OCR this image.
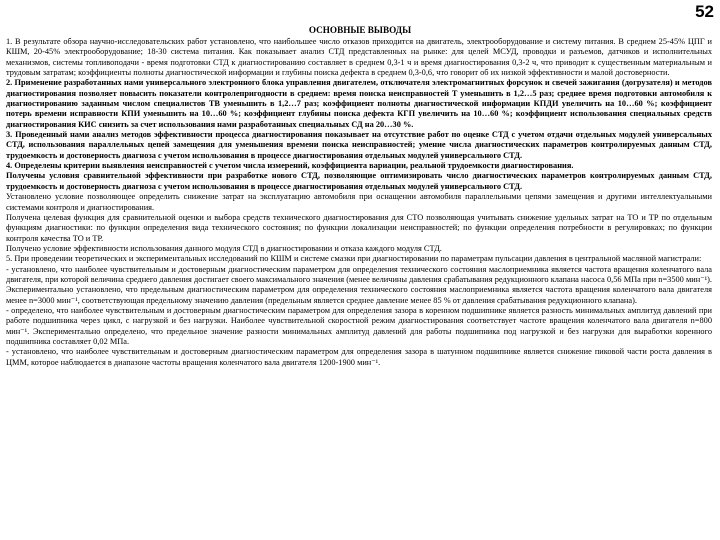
52
ОСНОВНЫЕ ВЫВОДЫ

1. В результате обзора научно-исследовательских работ установлено, что наибольшее число отказов приходится на двигатель, электрооборудование и систему питания. В среднем 25-45% ЦПГ и КШМ, 20-45% электрооборудование; 18-30 система питания. Как показывает анализ СТД представленных на рынке: для целей МСУД, проводки и разъемов, датчиков и исполнительных механизмов, системы топливоподачи - время подготовки СТД к диагностированию составляет в среднем 0,3-1 ч и время диагностирования 0,3-2 ч, что приводит к существенным материальным и трудовым затратам; коэффициенты полноты диагностической информации и глубины поиска дефекта в среднем 0,3-0,6, что говорит об их низкой эффективности и малой достоверности.

2. Применение разработанных нами универсального электронного блока управления двигателем, отключателя электромагнитных форсунок и свечей зажигания (догрузателя) и методов диагностирования позволяет повысить показатели контролепригодности в среднем: время поиска неисправностей Т уменьшить в 1,2…5 раз; среднее время подготовки автомобиля к диагностированию заданным числом специалистов ТВ уменьшить в 1,2…7 раз; коэффициент полноты диагностической информации КПДИ увеличить на 10…60 %; коэффициент потерь времени исправности КПИ уменьшить на 10…60 %; коэффициент глубины поиска дефекта КГП увеличить на 10…60 %; коэффициент использования специальных средств диагностирования КИС снизить за счет использования нами разработанных специальных СД на 20…30 %.

3. Проведенный нами анализ методов эффективности процесса диагностирования показывает на отсутствие работ по оценке СТД с учетом отдачи отдельных модулей универсальных СТД, использования параллельных цепей замещения для уменьшения времени поиска неисправностей; умение числа диагностических параметров контролируемых данным СТД, трудоемкость и достоверность диагноза с учетом использования в процессе диагностирования отдельных модулей универсального СТД.

4. Определены критерии выявления неисправностей с учетом числа измерений, коэффициента вариации, реальной трудоемкости диагностирования.

Получены условия сравнительной эффективности при разработке нового СТД, позволяющие оптимизировать число диагностических параметров контролируемых данным СТД, трудоемкость и достоверность диагноза с учетом использования в процессе диагностирования отдельных модулей универсального СТД.

Установлено условие позволяющее определить снижение затрат на эксплуатацию автомобиля при оснащении автомобиля параллельными цепями замещения и другими интеллектуальными системами контроля и диагностирования.

Получена целевая функция для сравнительной оценки и выбора средств технического диагностирования для СТО позволяющая учитывать снижение удельных затрат на ТО и ТР по отдельным функциям диагностики: по функции определения вида технического состояния; по функции локализации неисправностей; по функции определения потребности в регулировках; по функции контроля качества ТО и ТР.

Получено условие эффективности использования данного модуля СТД в диагностировании и отказа каждого модуля СТД.

5. При проведении теоретических и экспериментальных исследований по КШМ и системе смазки при диагностировании по параметрам пульсации давления в центральной масляной магистрали:

- установлено, что наиболее чувствительным и достоверным диагностическим параметром для определения технического состояния маслоприемника является частота вращения коленчатого вала двигателя, при которой величина среднего давления достигает своего максимального значения (менее величины давления срабатывания редукционного клапана насоса 0,56 МПа при n=3500 мин⁻¹). Экспериментально установлено, что предельным диагностическим параметром для определения технического состояния маслоприемника является частота вращения коленчатого вала двигателя менее n=3000 мин⁻¹, соответствующая предельному значению давления (предельным является среднее давление менее 85 % от давления срабатывания редукционного клапана).

- определено, что наиболее чувствительным и достоверным диагностическим параметром для определения зазора в коренном подшипнике является разность минимальных амплитуд давлений при работе подшипника через цикл, с нагрузкой и без нагрузки. Наиболее чувствительной скоростной режим диагностирования соответствует частоте вращения коленчатого вала двигателя n=800 мин⁻¹. Экспериментально определено, что предельное значение разности минимальных амплитуд давлений для работы подшипника под нагрузкой и без нагрузки для выработки коренного подшипника составляет 0,02 МПа.

- установлено, что наиболее чувствительным и достоверным диагностическим параметром для определения зазора в шатунном подшипнике является снижение пиковой части роста давления в ЦММ, которое наблюдается в диапазоне частоты вращения коленчатого вала двигателя 1200-1900 мин⁻¹.
